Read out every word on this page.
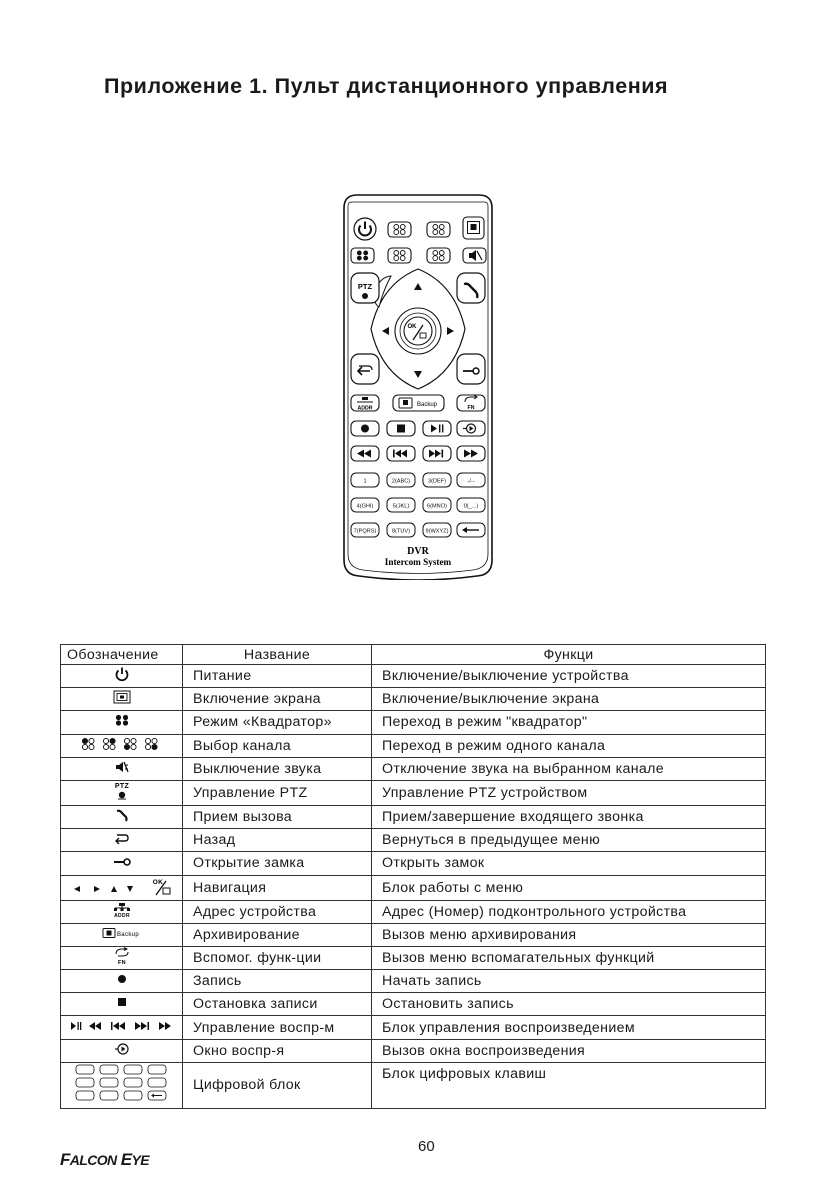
Приложение 1. Пульт дистанционного управления
PTZ
OK
ADDR
Backup	FN
1	2(ABC)	3(DEF)	-/--
4(GHI)	5(JKL)	6(MNO)	0(_...)
7(PQRS)	8(TUV)	9(WXYZ)
DVR
Intercom System
Обозначение	Название	Функци
	Питание	Включение/выключение устройства
	Включение экрана	Включение/выключение экрана
	Режим «Квадратор»	Переход в режим "квадратор"
	Выбор канала	Переход в режим одного канала
	Выключение звука	Отключение звука на выбранном канале

PTZ	Управление PTZ	Управление PTZ устройством
	Прием вызова	Прием/завершение входящего звонка
	Назад	Вернуться в предыдущее меню
	Открытие замка	Открыть замок

OK	Навигация	Блок работы с меню

ADDR	Адрес устройства	Адрес (Номер) подконтрольного устройства

Backup	Архивирование	Вызов меню архивирования

FN	Вспомог. функ-ции	Вызов меню вспомагательных функций
	Запись	Начать запись
	Остановка записи	Остановить запись
	Управление воспр-м	Блок управления воспроизведением
	Окно воспр-я	Вызов окна воспроизведения
	Цифровой блок	Блок цифровых клавиш

60

FALCON EYE
